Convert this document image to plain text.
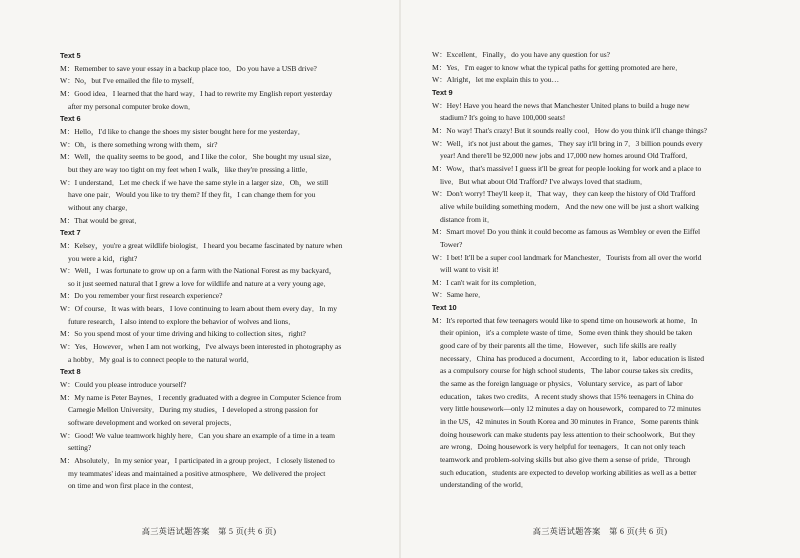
Text 5
M：Remember to save your essay in a backup place too．Do you have a USB drive?
W：No，but I've emailed the file to myself．
M：Good idea．I learned that the hard way．I had to rewrite my English report yesterday
after my personal computer broke down．
Text 6
M：Hello，I'd like to change the shoes my sister bought here for me yesterday．
W：Oh，is there something wrong with them，sir?
M：Well，the quality seems to be good，and I like the color．She bought my usual size，
but they are way too tight on my feet when I walk，like they're pressing a little．
W：I understand．Let me check if we have the same style in a larger size．Oh，we still
have one pair．Would you like to try them? If they fit，I can change them for you
without any charge．
M：That would be great．
Text 7
M：Kelsey，you're a great wildlife biologist．I heard you became fascinated by nature when
you were a kid，right?
W：Well，I was fortunate to grow up on a farm with the National Forest as my backyard，
so it just seemed natural that I grew a love for wildlife and nature at a very young age．
M：Do you remember your first research experience?
W：Of course．It was with bears．I love continuing to learn about them every day．In my
future research，I also intend to explore the behavior of wolves and lions．
M：So you spend most of your time driving and hiking to collection sites，right?
W：Yes．However，when I am not working，I've always been interested in photography as
a hobby．My goal is to connect people to the natural world．
Text 8
W：Could you please introduce yourself?
M：My name is Peter Baynes．I recently graduated with a degree in Computer Science from
Carnegie Mellon University．During my studies，I developed a strong passion for
software development and worked on several projects．
W：Good! We value teamwork highly here．Can you share an example of a time in a team
setting?
M：Absolutely．In my senior year，I participated in a group project．I closely listened to
my teammates' ideas and maintained a positive atmosphere．We delivered the project
on time and won first place in the contest．
高三英语试题答案　第 5 页(共 6 页)
W：Excellent．Finally，do you have any question for us?
M：Yes．I'm eager to know what the typical paths for getting promoted are here．
W：Alright，let me explain this to you…
Text 9
W：Hey! Have you heard the news that Manchester United plans to build a huge new
stadium? It's going to have 100,000 seats!
M：No way! That's crazy! But it sounds really cool．How do you think it'll change things?
W：Well，it's not just about the games．They say it'll bring in 7．3 billion pounds every
year! And there'll be 92,000 new jobs and 17,000 new homes around Old Trafford．
M：Wow，that's massive! I guess it'll be great for people looking for work and a place to
live．But what about Old Trafford? I've always loved that stadium．
W：Don't worry! They'll keep it．That way，they can keep the history of Old Trafford
alive while building something modern．And the new one will be just a short walking
distance from it．
M：Smart move! Do you think it could become as famous as Wembley or even the Eiffel
Tower?
W：I bet! It'll be a super cool landmark for Manchester．Tourists from all over the world
will want to visit it!
M：I can't wait for its completion．
W：Same here．
Text 10
M：It's reported that few teenagers would like to spend time on housework at home．In
their opinion，it's a complete waste of time．Some even think they should be taken
good care of by their parents all the time．However，such life skills are really
necessary．China has produced a document．According to it，labor education is listed
as a compulsory course for high school students．The labor course takes six credits，
the same as the foreign language or physics．Voluntary service，as part of labor
education，takes two credits．A recent study shows that 15% teenagers in China do
very little housework—only 12 minutes a day on housework，compared to 72 minutes
in the US，42 minutes in South Korea and 30 minutes in France．Some parents think
doing housework can make students pay less attention to their schoolwork．But they
are wrong．Doing housework is very helpful for teenagers．It can not only teach
teamwork and problem-solving skills but also give them a sense of pride．Through
such education，students are expected to develop working abilities as well as a better
understanding of the world．
高三英语试题答案　第 6 页(共 6 页)
